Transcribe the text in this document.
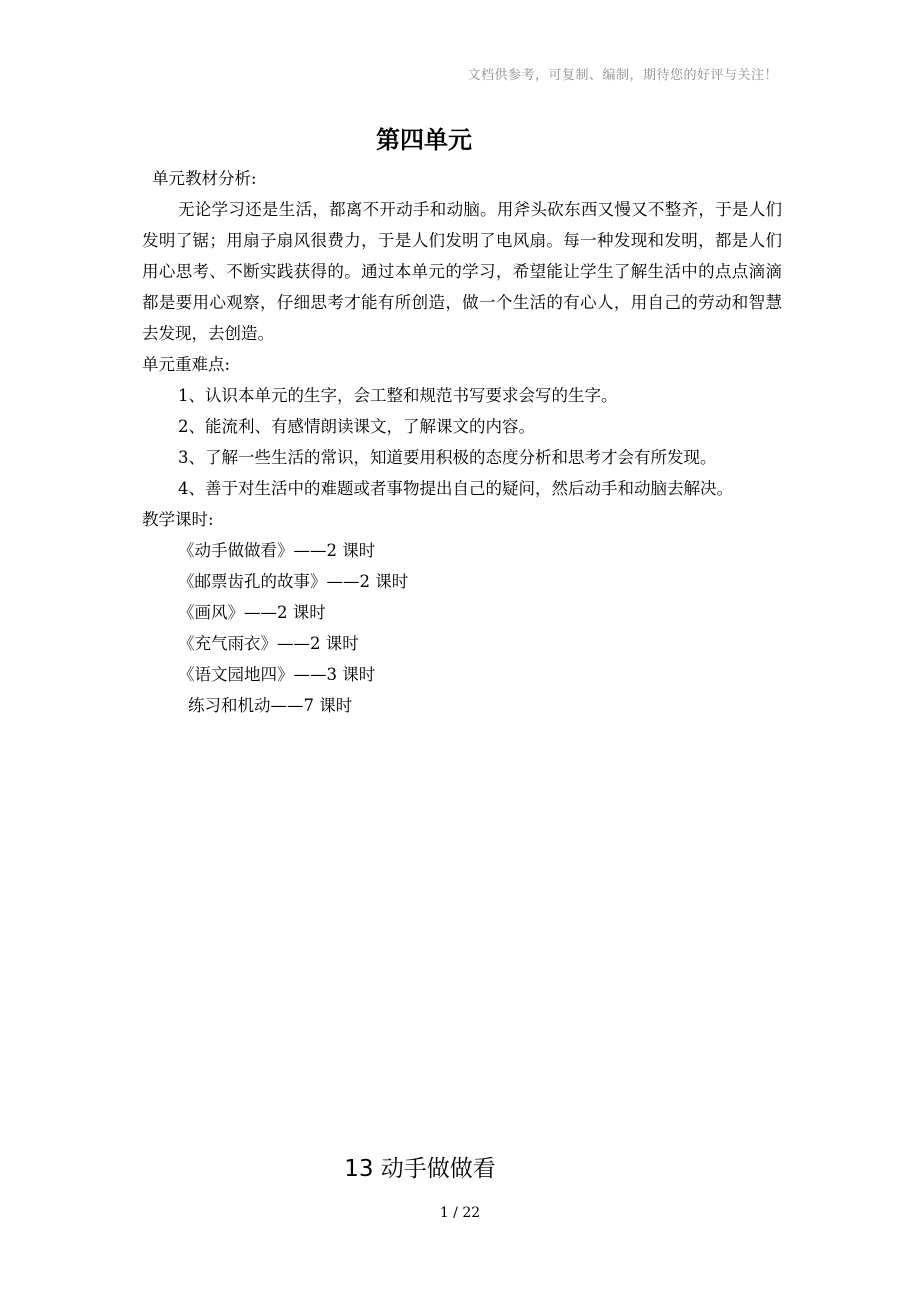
文档供参考，可复制、编制，期待您的好评与关注！
第四单元

单元教材分析:

无论学习还是生活，都离不开动手和动脑。用斧头砍东西又慢又不整齐，于是人们发明了锯；用扇子扇风很费力，于是人们发明了电风扇。每一种发现和发明，都是人们用心思考、不断实践获得的。通过本单元的学习，希望能让学生了解生活中的点点滴滴都是要用心观察，仔细思考才能有所创造，做一个生活的有心人，用自己的劳动和智慧去发现，去创造。

单元重难点:

1、认识本单元的生字，会工整和规范书写要求会写的生字。

2、能流利、有感情朗读课文，了解课文的内容。

3、了解一些生活的常识，知道要用积极的态度分析和思考才会有所发现。

4、善于对生活中的难题或者事物提出自己的疑问，然后动手和动脑去解决。

教学课时:

《动手做做看》——2 课时

《邮票齿孔的故事》——2 课时

《画风》——2 课时

《充气雨衣》——2 课时

《语文园地四》——3 课时

练习和机动——7 课时

13 动手做做看
1 / 22
